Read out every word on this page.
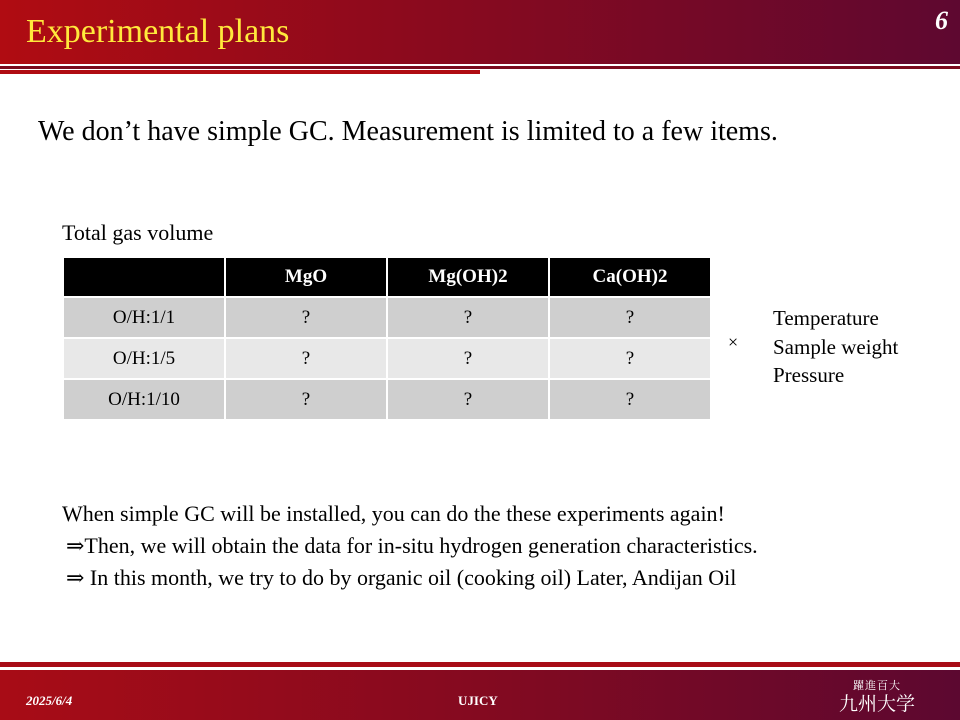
Experimental plans	6
We don’t have simple GC. Measurement is limited to a few items.
Total gas volume
	MgO	Mg(OH)2	Ca(OH)2
O/H:1/1	?	?	?
O/H:1/5	?	?	?
O/H:1/10	?	?	?
×
Temperature
Sample weight
Pressure
When simple GC will be installed, you can do the these experiments again!
⇒Then, we will obtain the data for in-situ hydrogen generation characteristics.
⇒ In this month, we try to do by organic oil (cooking oil) Later, Andijan Oil
2025/6/4	UJICY
躍進百大
九州大学
